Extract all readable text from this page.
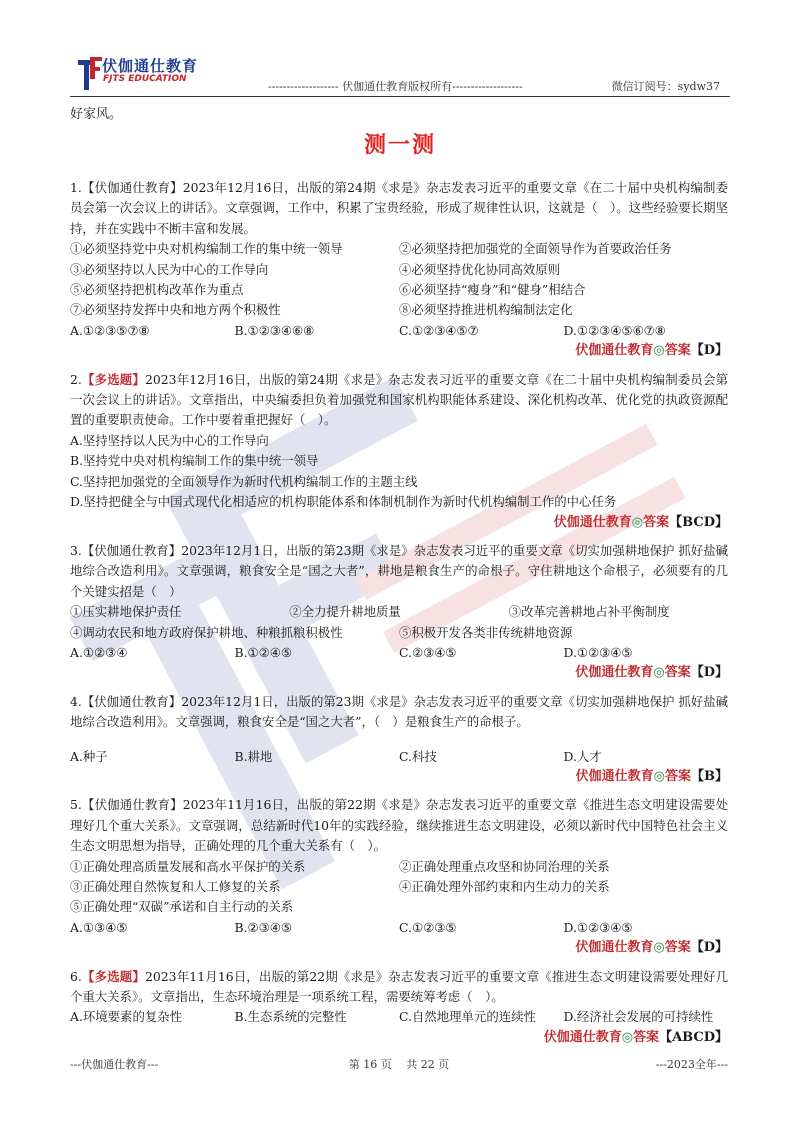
伏伽通仕教育
FJTS EDUCATION
------------------- 伏伽通仕教育版权所有-------------------	微信订阅号：sydw37
好家风。
测一测
1.【伏伽通仕教育】2023年12月16日，出版的第24期《求是》杂志发表习近平的重要文章《在二十届中央机构编制委员会第一次会议上的讲话》。文章强调，工作中，积累了宝贵经验，形成了规律性认识，这就是（　）。这些经验要长期坚持，并在实践中不断丰富和发展。
①必须坚持党中央对机构编制工作的集中统一领导	②必须坚持把加强党的全面领导作为首要政治任务
③必须坚持以人民为中心的工作导向	④必须坚持优化协同高效原则
⑤必须坚持把机构改革作为重点	⑥必须坚持“瘦身”和“健身”相结合
⑦必须坚持发挥中央和地方两个积极性	⑧必须坚持推进机构编制法定化
A.①②③⑤⑦⑧	B.①②③④⑥⑧	C.①②③④⑤⑦	D.①②③④⑤⑥⑦⑧
伏伽通仕教育◎答案【D】
2.【多选题】2023年12月16日，出版的第24期《求是》杂志发表习近平的重要文章《在二十届中央机构编制委员会第一次会议上的讲话》。文章指出，中央编委担负着加强党和国家机构职能体系建设、深化机构改革、优化党的执政资源配置的重要职责使命。工作中要着重把握好（　）。
A.坚持坚持以人民为中心的工作导向
B.坚持党中央对机构编制工作的集中统一领导
C.坚持把加强党的全面领导作为新时代机构编制工作的主题主线
D.坚持把健全与中国式现代化相适应的机构职能体系和体制机制作为新时代机构编制工作的中心任务
伏伽通仕教育◎答案【BCD】
3.【伏伽通仕教育】2023年12月1日，出版的第23期《求是》杂志发表习近平的重要文章《切实加强耕地保护 抓好盐碱地综合改造利用》。文章强调，粮食安全是“国之大者”，耕地是粮食生产的命根子。守住耕地这个命根子，必须要有的几个关键实招是（　）
①压实耕地保护责任	②全力提升耕地质量	③改革完善耕地占补平衡制度
④调动农民和地方政府保护耕地、种粮抓粮积极性	⑤积极开发各类非传统耕地资源
A.①②③④	B.①②④⑤	C.②③④⑤	D.①②③④⑤
伏伽通仕教育◎答案【D】
4.【伏伽通仕教育】2023年12月1日，出版的第23期《求是》杂志发表习近平的重要文章《切实加强耕地保护 抓好盐碱地综合改造利用》。文章强调，粮食安全是“国之大者”，（　）是粮食生产的命根子。
A.种子	B.耕地	C.科技	D.人才
伏伽通仕教育◎答案【B】
5.【伏伽通仕教育】2023年11月16日，出版的第22期《求是》杂志发表习近平的重要文章《推进生态文明建设需要处理好几个重大关系》。文章强调，总结新时代10年的实践经验，继续推进生态文明建设，必须以新时代中国特色社会主义生态文明思想为指导，正确处理的几个重大关系有（　）。
①正确处理高质量发展和高水平保护的关系	②正确处理重点攻坚和协同治理的关系
③正确处理自然恢复和人工修复的关系	④正确处理外部约束和内生动力的关系
⑤正确处理“双碳”承诺和自主行动的关系
A.①③④⑤	B.②③④⑤	C.①②③⑤	D.①②③④⑤
伏伽通仕教育◎答案【D】
6.【多选题】2023年11月16日，出版的第22期《求是》杂志发表习近平的重要文章《推进生态文明建设需要处理好几个重大关系》。文章指出，生态环境治理是一项系统工程，需要统筹考虑（　）。
A.环境要素的复杂性	B.生态系统的完整性	C.自然地理单元的连续性	D.经济社会发展的可持续性
伏伽通仕教育◎答案【ABCD】
---伏伽通仕教育---	第 16 页　 共 22 页	---2023全年---
